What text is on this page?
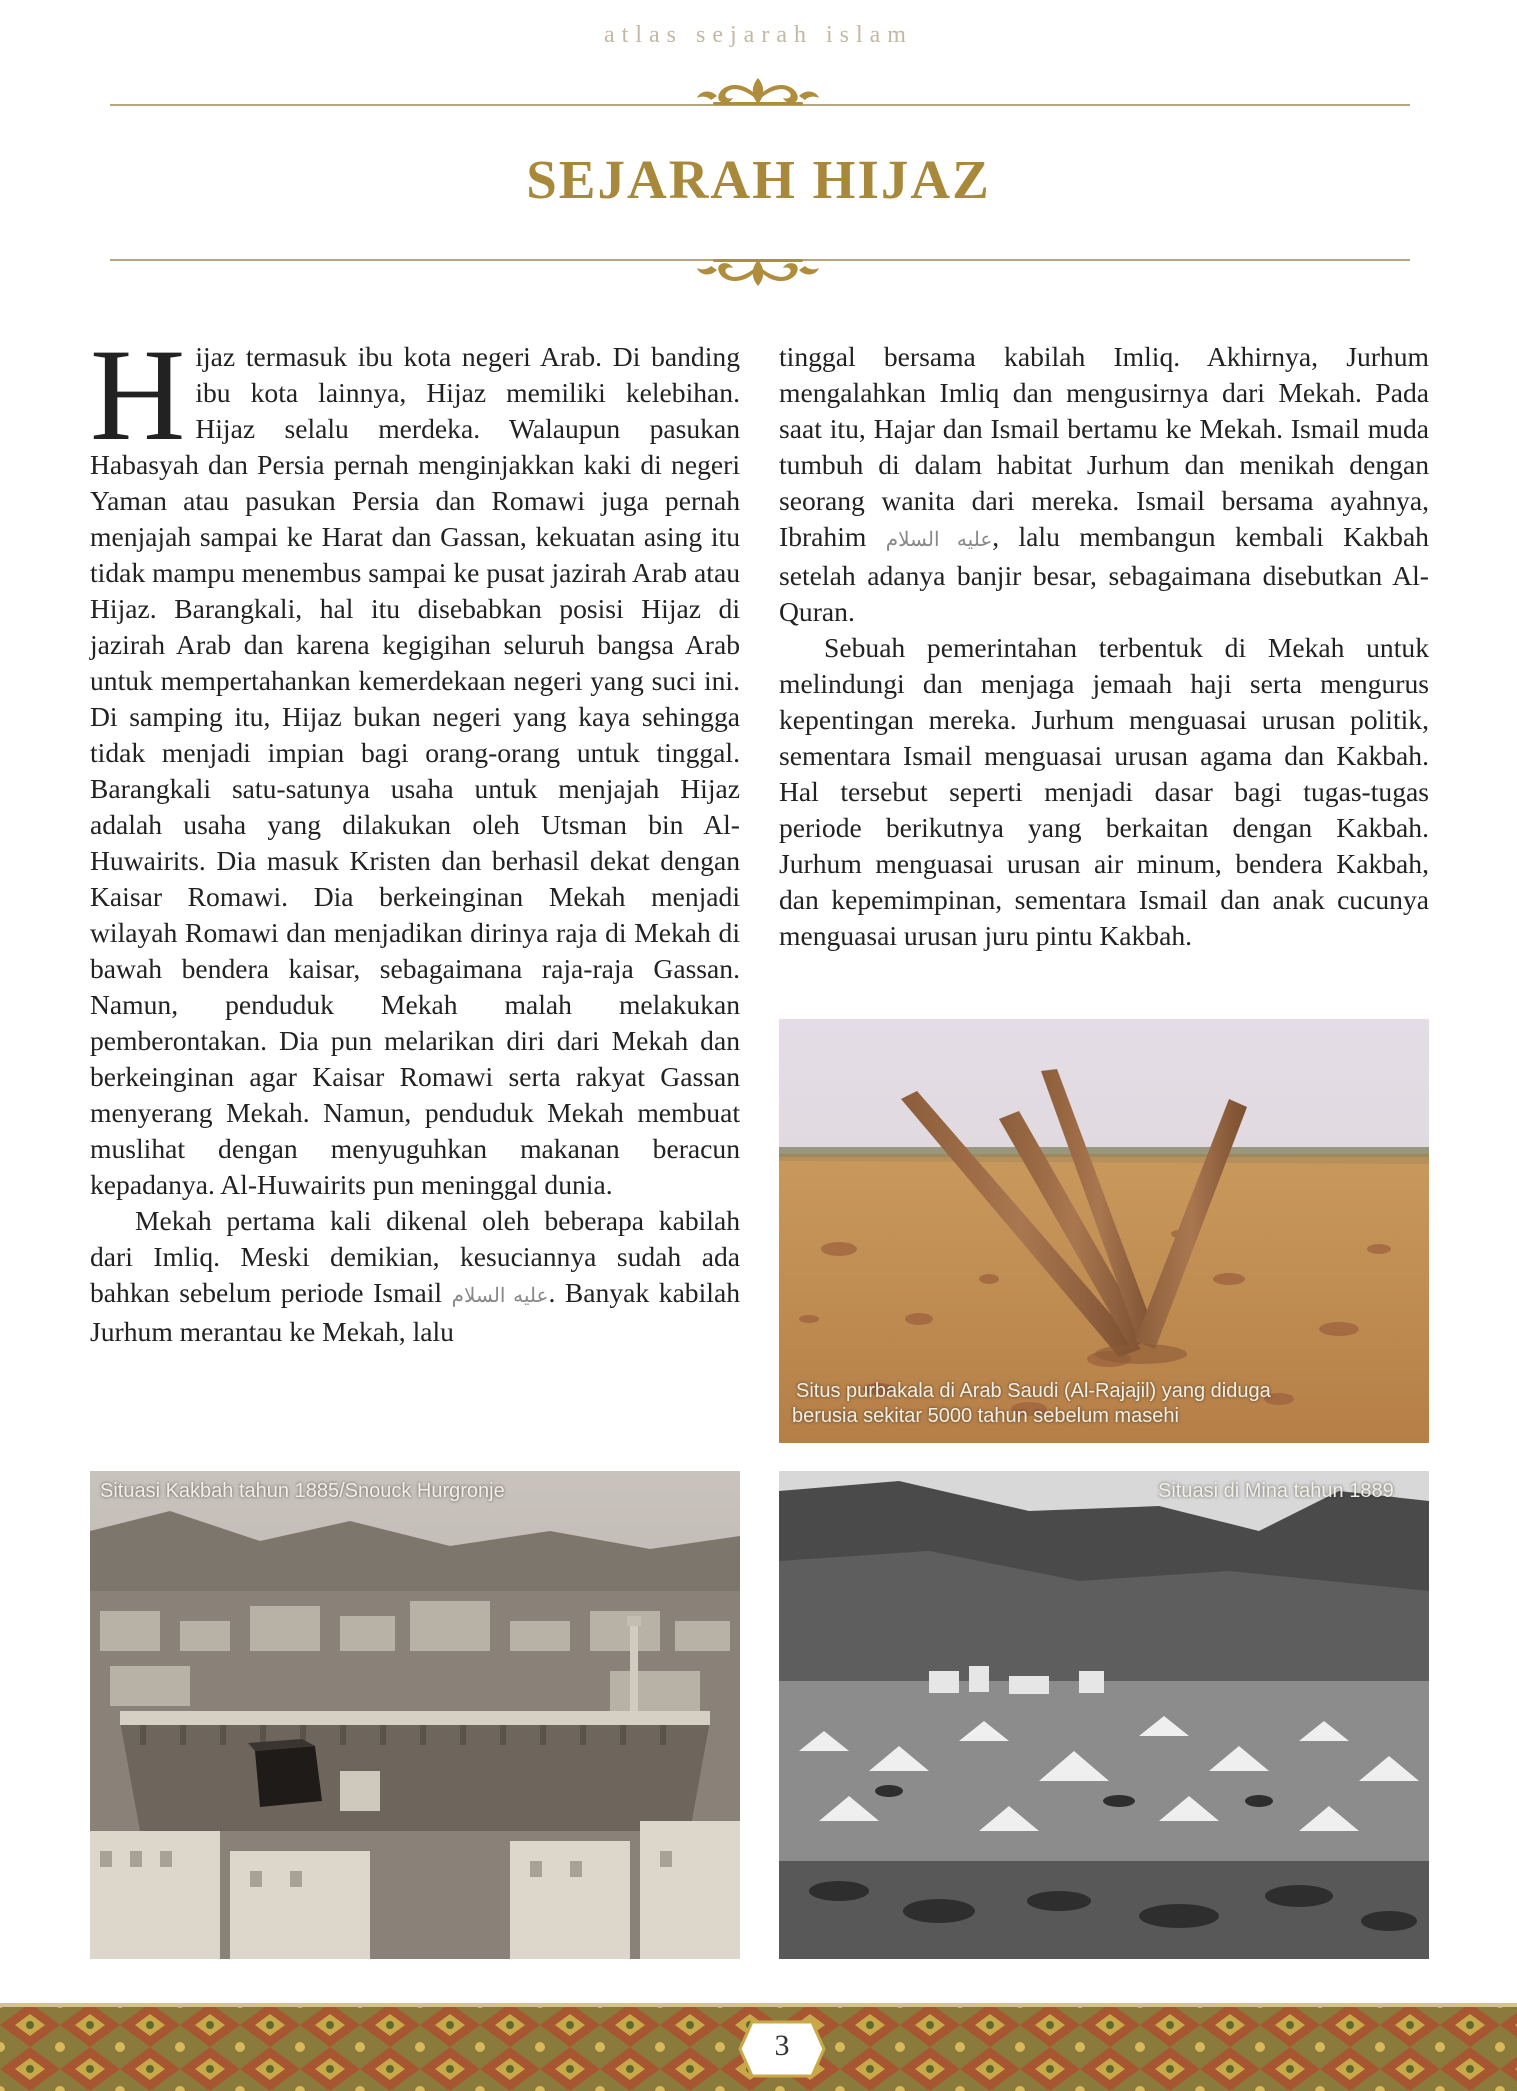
atlas sejarah islam
SEJARAH HIJAZ

Hijaz termasuk ibu kota negeri Arab. Di banding ibu kota lainnya, Hijaz memiliki kelebihan. Hijaz selalu merdeka. Walaupun pasukan Habasyah dan Persia pernah menginjakkan kaki di negeri Yaman atau pasukan Persia dan Romawi juga pernah menjajah sampai ke Harat dan Gassan, kekuatan asing itu tidak mampu menembus sampai ke pusat jazirah Arab atau Hijaz. Barangkali, hal itu disebabkan posisi Hijaz di jazirah Arab dan karena kegigihan seluruh bangsa Arab untuk mempertahankan kemerdekaan negeri yang suci ini. Di samping itu, Hijaz bukan negeri yang kaya sehingga tidak menjadi impian bagi orang-orang untuk tinggal. Barangkali satu-satunya usaha untuk menjajah Hijaz adalah usaha yang dilakukan oleh Utsman bin Al-Huwairits. Dia masuk Kristen dan berhasil dekat dengan Kaisar Romawi. Dia berkeinginan Mekah menjadi wilayah Romawi dan menjadikan dirinya raja di Mekah di bawah bendera kaisar, sebagaimana raja-raja Gassan. Namun, penduduk Mekah malah melakukan pemberontakan. Dia pun melarikan diri dari Mekah dan berkeinginan agar Kaisar Romawi serta rakyat Gassan menyerang Mekah. Namun, penduduk Mekah membuat muslihat dengan menyuguhkan makanan beracun kepadanya. Al-Huwairits pun meninggal dunia.

Mekah pertama kali dikenal oleh beberapa kabilah dari Imliq. Meski demikian, kesuciannya sudah ada bahkan sebelum periode Ismail عليه السلام. Banyak kabilah Jurhum merantau ke Mekah, lalu

tinggal bersama kabilah Imliq. Akhirnya, Jurhum mengalahkan Imliq dan mengusirnya dari Mekah. Pada saat itu, Hajar dan Ismail bertamu ke Mekah. Ismail muda tumbuh di dalam habitat Jurhum dan menikah dengan seorang wanita dari mereka. Ismail bersama ayahnya, Ibrahim عليه السلام, lalu membangun kembali Kakbah setelah adanya banjir besar, sebagaimana disebutkan Al-Quran.

Sebuah pemerintahan terbentuk di Mekah untuk melindungi dan menjaga jemaah haji serta mengurus kepentingan mereka. Jurhum menguasai urusan politik, sementara Ismail menguasai urusan agama dan Kakbah. Hal tersebut seperti menjadi dasar bagi tugas-tugas periode berikutnya yang berkaitan dengan Kakbah. Jurhum menguasai urusan air minum, bendera Kakbah, dan kepemimpinan, sementara Ismail dan anak cucunya menguasai urusan juru pintu Kakbah.

Situs purbakala di Arab Saudi (Al-Rajajil) yang diduga
berusia sekitar 5000 tahun sebelum masehi
Situasi Kakbah tahun 1885/Snouck Hurgronje	Situasi di Mina tahun 1889
3
